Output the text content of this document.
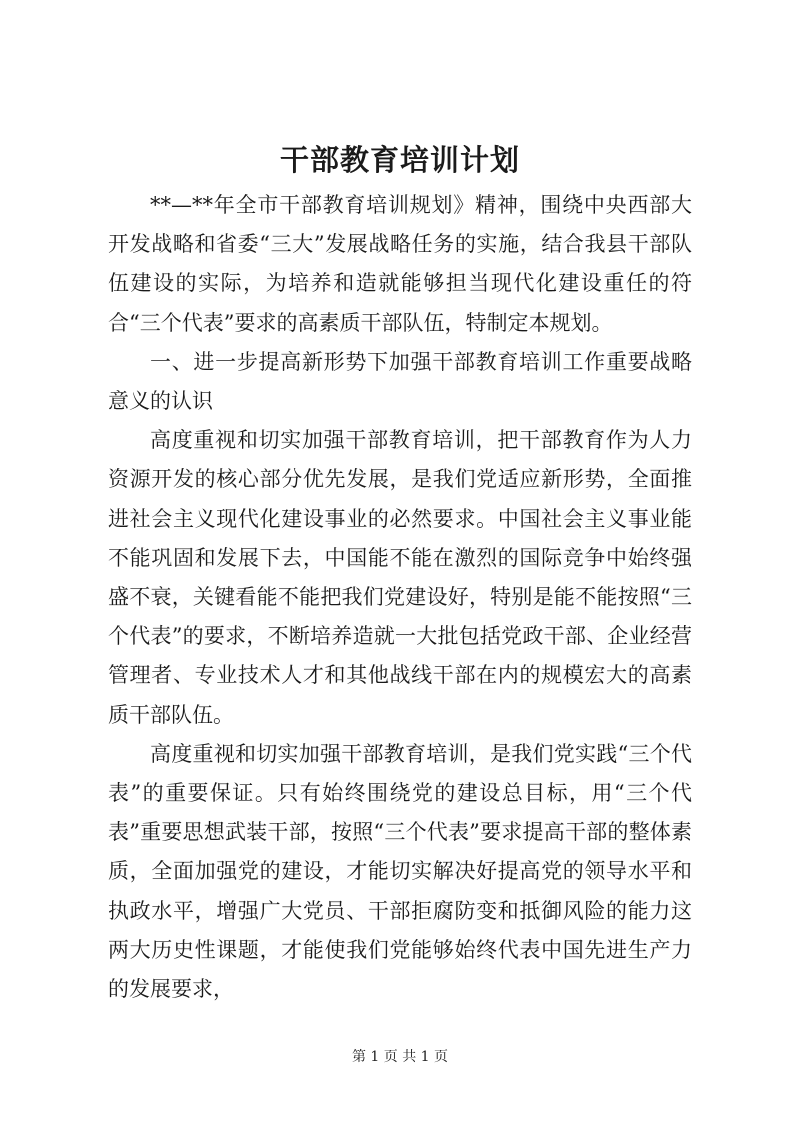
干部教育培训计划

**—**年全市干部教育培训规划》精神，围绕中央西部大开发战略和省委“三大”发展战略任务的实施，结合我县干部队伍建设的实际，为培养和造就能够担当现代化建设重任的符合“三个代表”要求的高素质干部队伍，特制定本规划。

一、进一步提高新形势下加强干部教育培训工作重要战略意义的认识

高度重视和切实加强干部教育培训，把干部教育作为人力资源开发的核心部分优先发展，是我们党适应新形势，全面推进社会主义现代化建设事业的必然要求。中国社会主义事业能不能巩固和发展下去，中国能不能在激烈的国际竞争中始终强盛不衰，关键看能不能把我们党建设好，特别是能不能按照“三个代表”的要求，不断培养造就一大批包括党政干部、企业经营管理者、专业技术人才和其他战线干部在内的规模宏大的高素质干部队伍。

高度重视和切实加强干部教育培训，是我们党实践“三个代表”的重要保证。只有始终围绕党的建设总目标，用“三个代表”重要思想武装干部，按照“三个代表”要求提高干部的整体素质，全面加强党的建设，才能切实解决好提高党的领导水平和执政水平，增强广大党员、干部拒腐防变和抵御风险的能力这两大历史性课题，才能使我们党能够始终代表中国先进生产力的发展要求，

第 1 页 共 1 页
